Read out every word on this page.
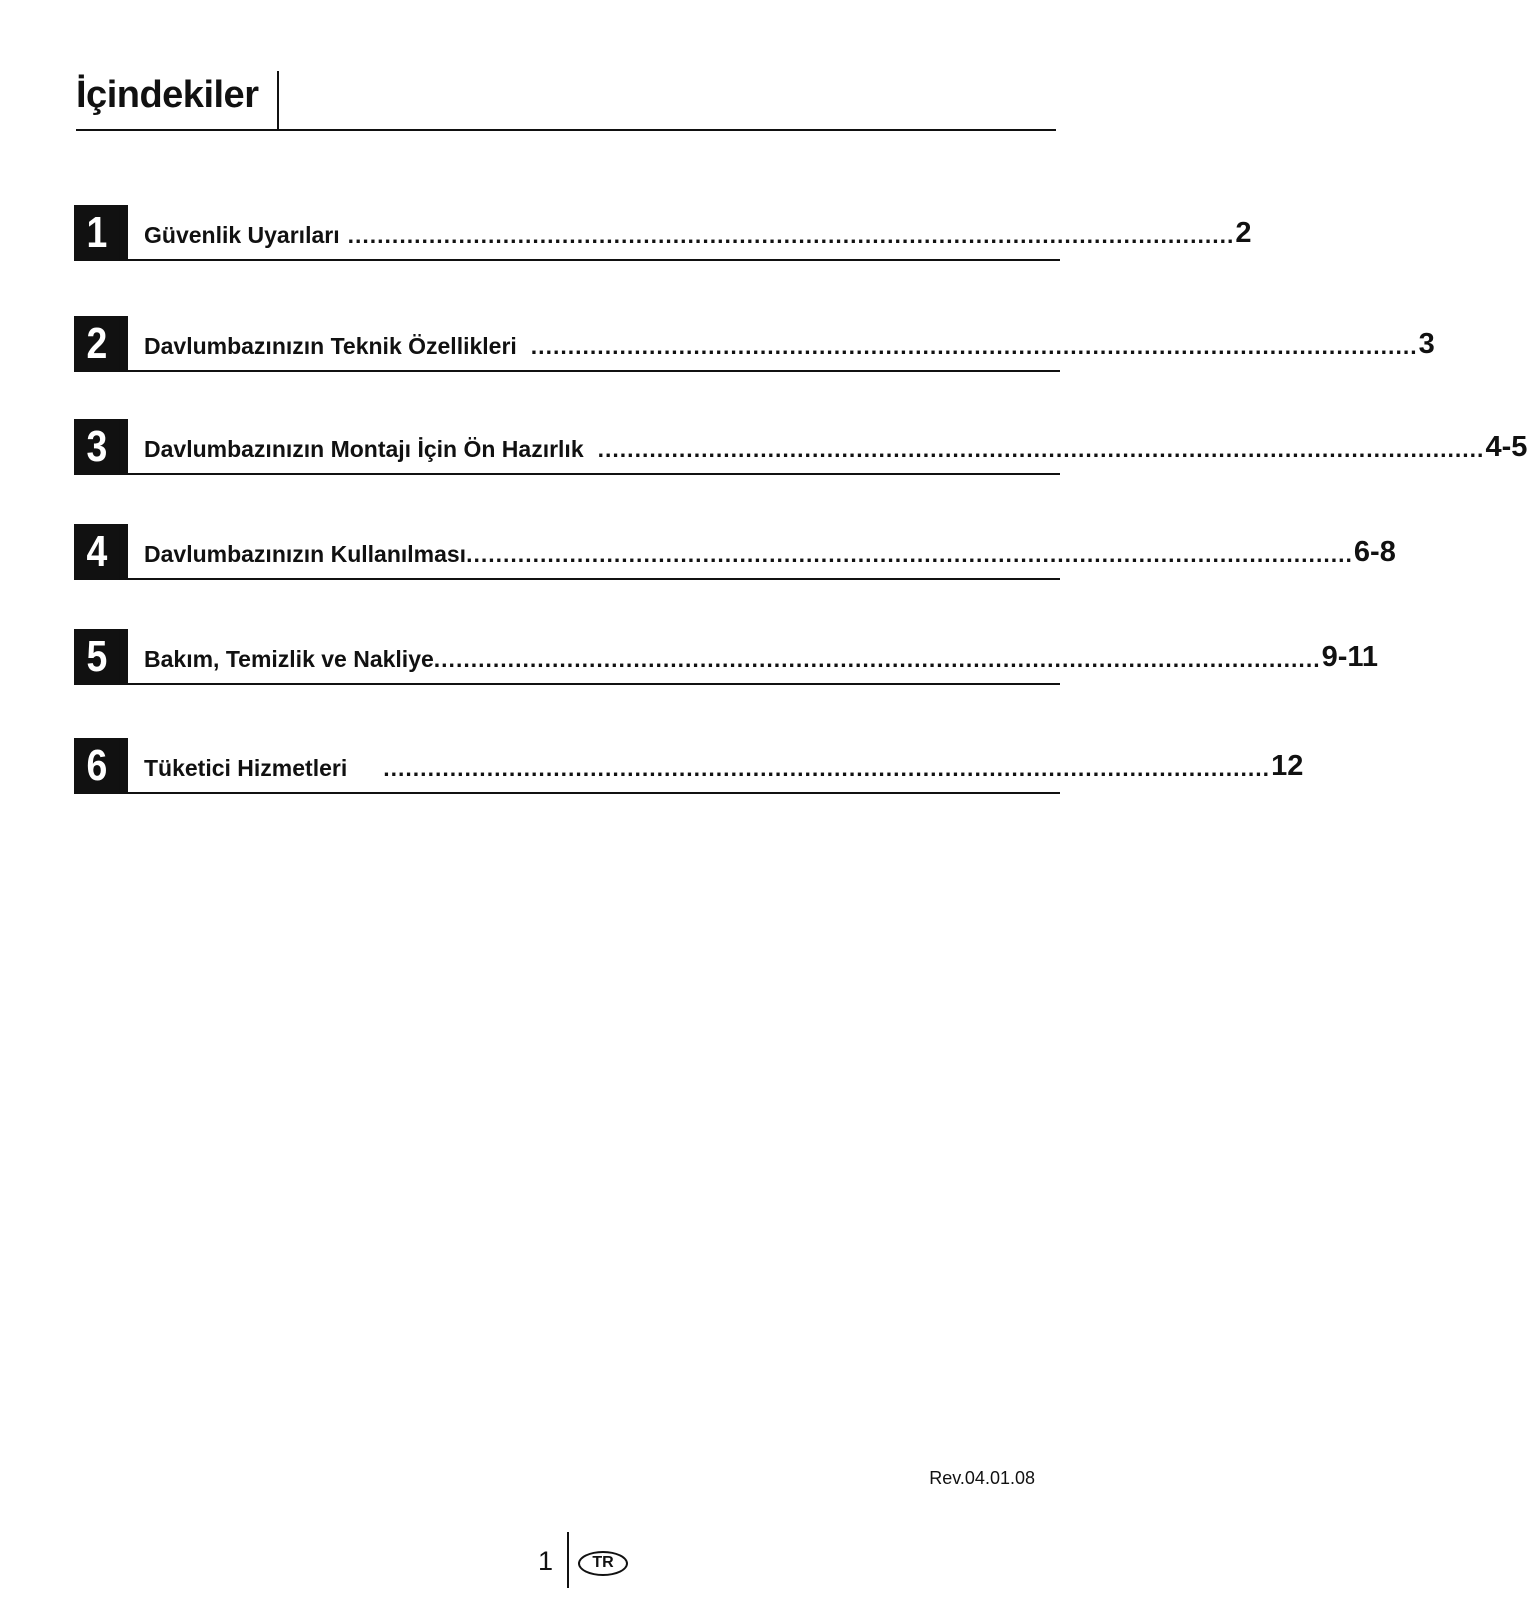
İçindekiler
1	Güvenlik Uyarıları ........................................................................................................................ 2
2	Davlumbazınızın Teknik Özellikleri ........................................................................................................................ 3
3	Davlumbazınızın Montajı İçin Ön Hazırlık ........................................................................................................................ 4-5
4	Davlumbazınızın Kullanılması ........................................................................................................................ 6-8
5	Bakım, Temizlik ve Nakliye ........................................................................................................................ 9-11
6	Tüketici Hizmetleri ........................................................................................................................ 12
Rev.04.01.08
1	TR
